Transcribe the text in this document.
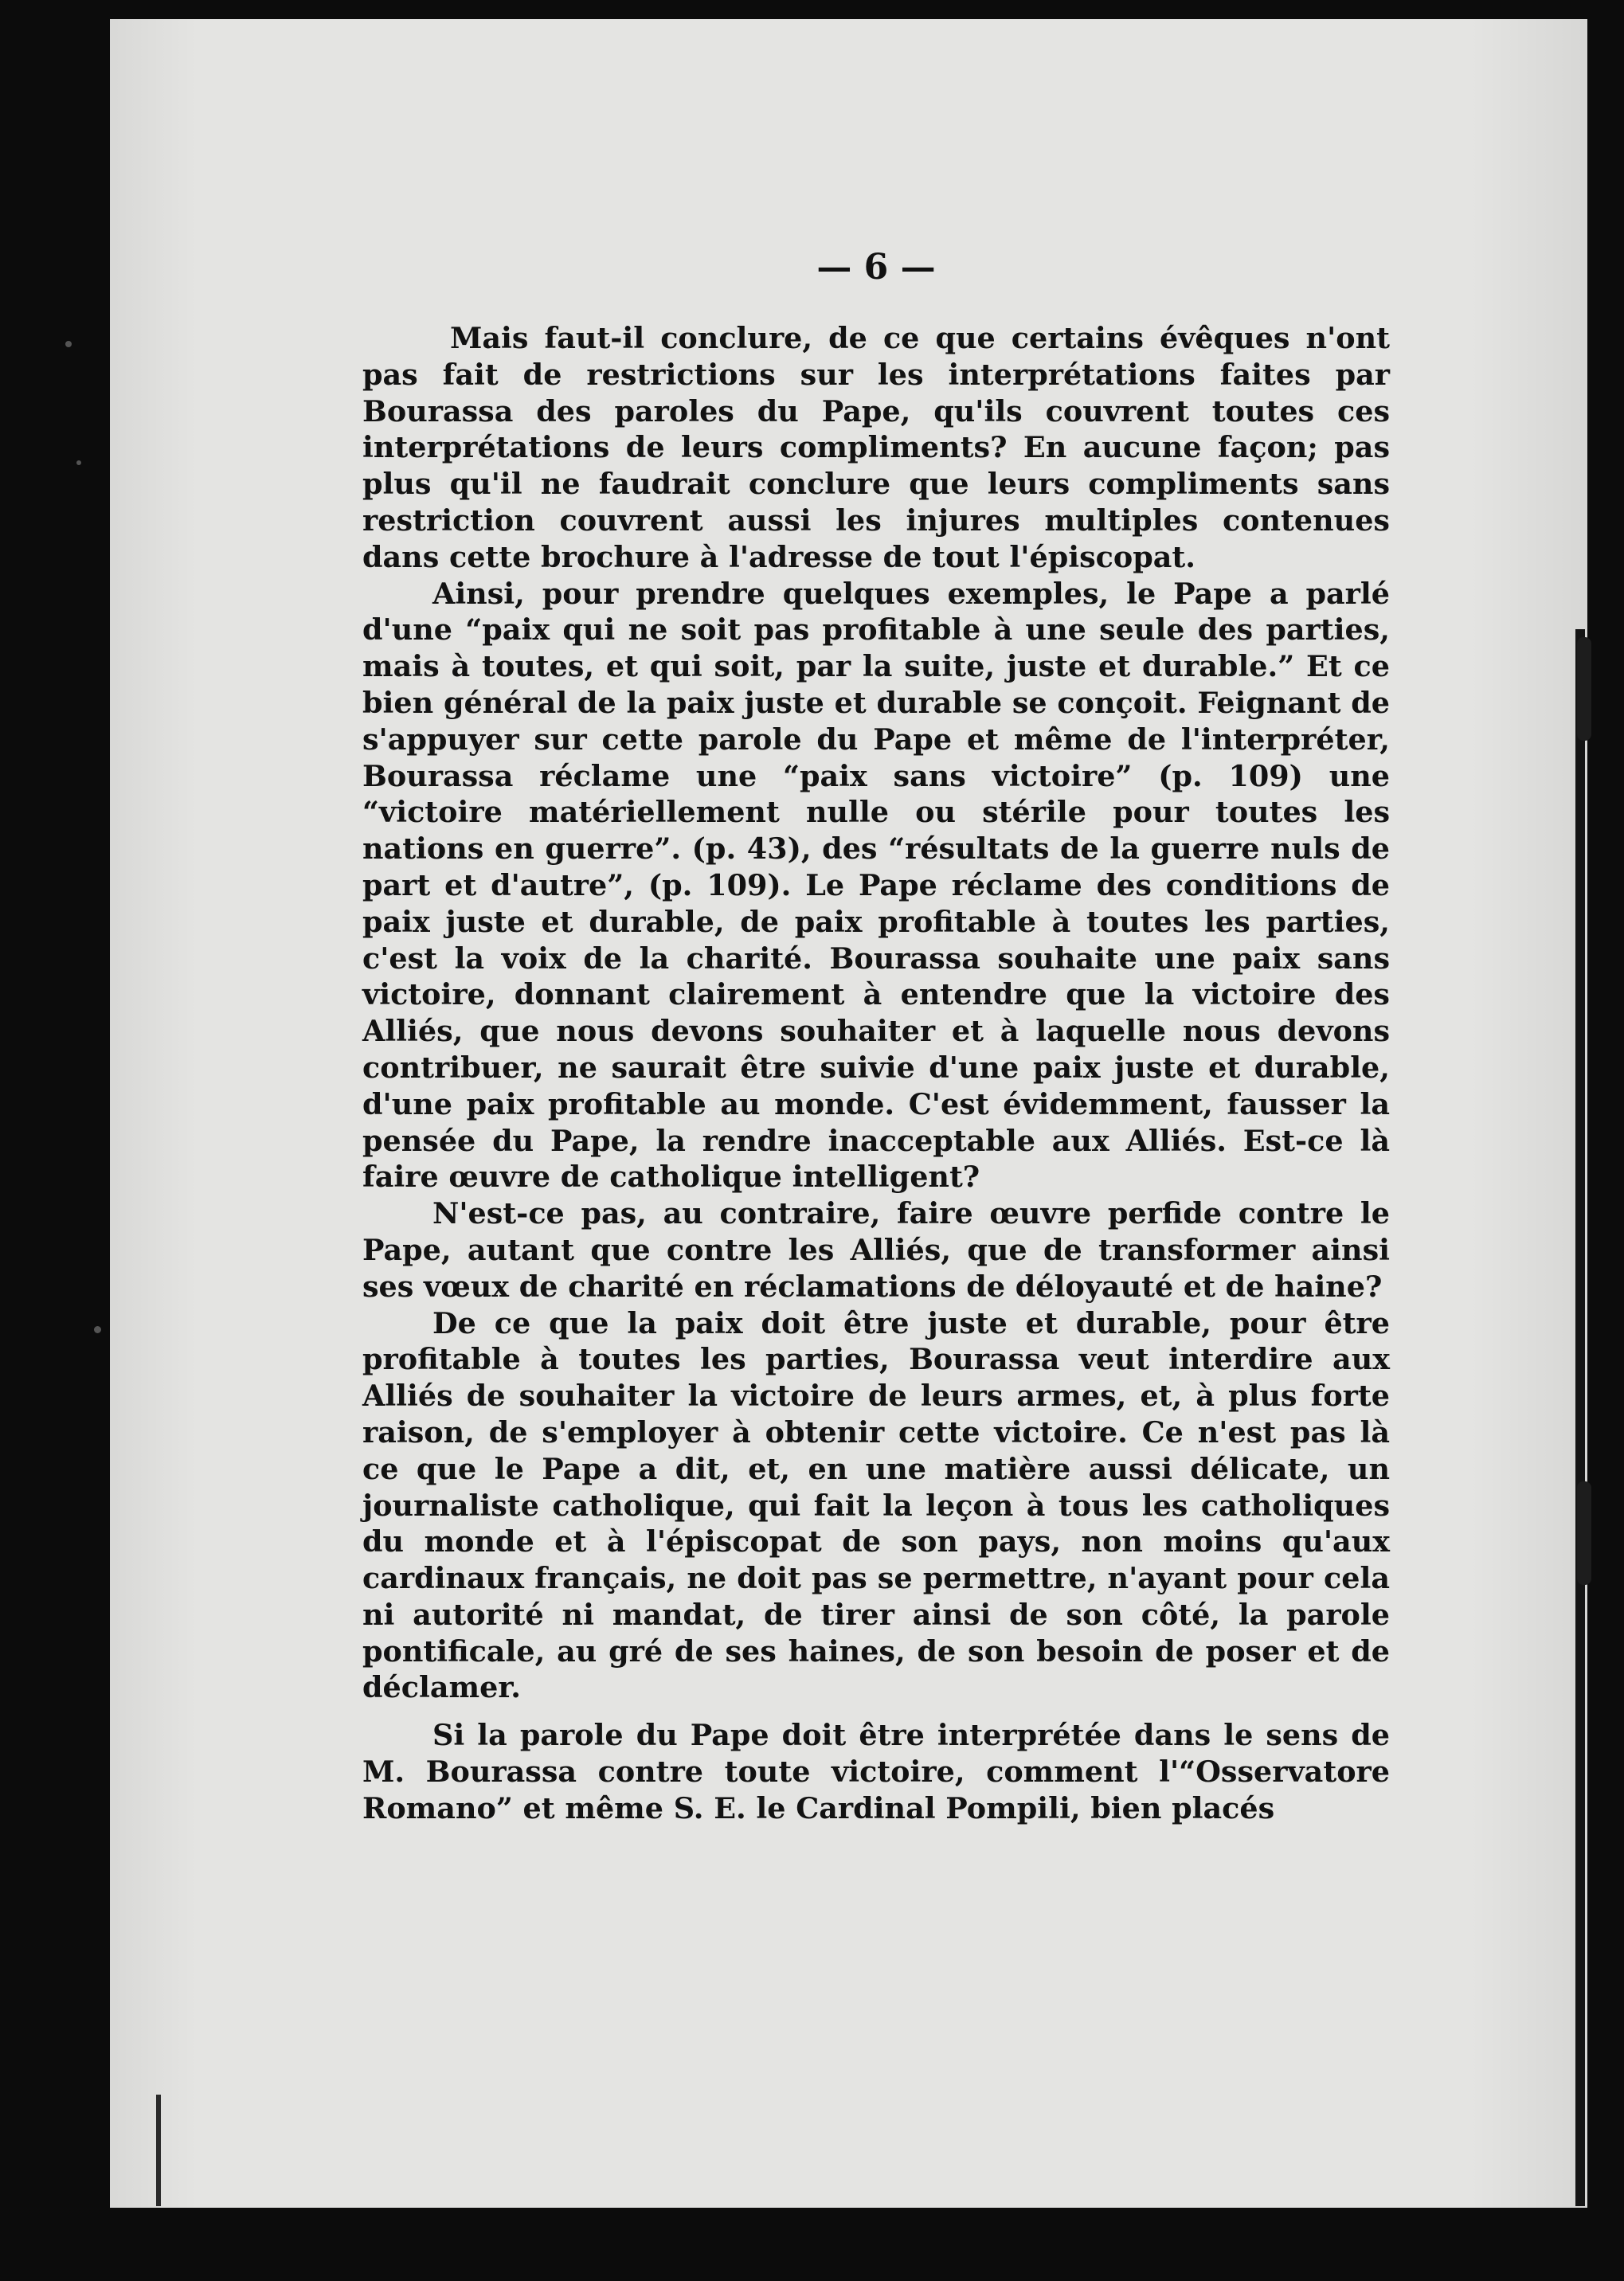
— 6 —

Mais faut-il conclure, de ce que certains évêques n'ont pas fait de restrictions sur les interprétations faites par Bourassa des paroles du Pape, qu'ils couvrent toutes ces interprétations de leurs compliments? En aucune façon; pas plus qu'il ne faudrait conclure que leurs compliments sans restriction couvrent aussi les injures multiples contenues dans cette brochure à l'adresse de tout l'épiscopat.

Ainsi, pour prendre quelques exemples, le Pape a parlé d'une “paix qui ne soit pas profitable à une seule des parties, mais à toutes, et qui soit, par la suite, juste et durable.” Et ce bien général de la paix juste et durable se conçoit. Feignant de s'appuyer sur cette parole du Pape et même de l'interpréter, Bourassa réclame une “paix sans victoire” (p. 109) une “victoire matériellement nulle ou stérile pour toutes les nations en guerre”. (p. 43), des “résultats de la guerre nuls de part et d'autre”, (p. 109). Le Pape réclame des conditions de paix juste et durable, de paix profitable à toutes les parties, c'est la voix de la charité. Bourassa souhaite une paix sans victoire, donnant clairement à entendre que la victoire des Alliés, que nous devons souhaiter et à laquelle nous devons contribuer, ne saurait être suivie d'une paix juste et durable, d'une paix profitable au monde. C'est évidemment, fausser la pensée du Pape, la rendre inacceptable aux Alliés. Est-ce là faire œuvre de catholique intelligent?

N'est-ce pas, au contraire, faire œuvre perfide contre le Pape, autant que contre les Alliés, que de transformer ainsi ses vœux de charité en réclamations de déloyauté et de haine?

De ce que la paix doit être juste et durable, pour être profitable à toutes les parties, Bourassa veut interdire aux Alliés de souhaiter la victoire de leurs armes, et, à plus forte raison, de s'employer à obtenir cette victoire. Ce n'est pas là ce que le Pape a dit, et, en une matière aussi délicate, un journaliste catholique, qui fait la leçon à tous les catholiques du monde et à l'épiscopat de son pays, non moins qu'aux cardinaux français, ne doit pas se permettre, n'ayant pour cela ni autorité ni mandat, de tirer ainsi de son côté, la parole pontificale, au gré de ses haines, de son besoin de poser et de déclamer.

Si la parole du Pape doit être interprétée dans le sens de M. Bourassa contre toute victoire, comment l'“Osservatore Romano” et même S. E. le Cardinal Pompili, bien placés
